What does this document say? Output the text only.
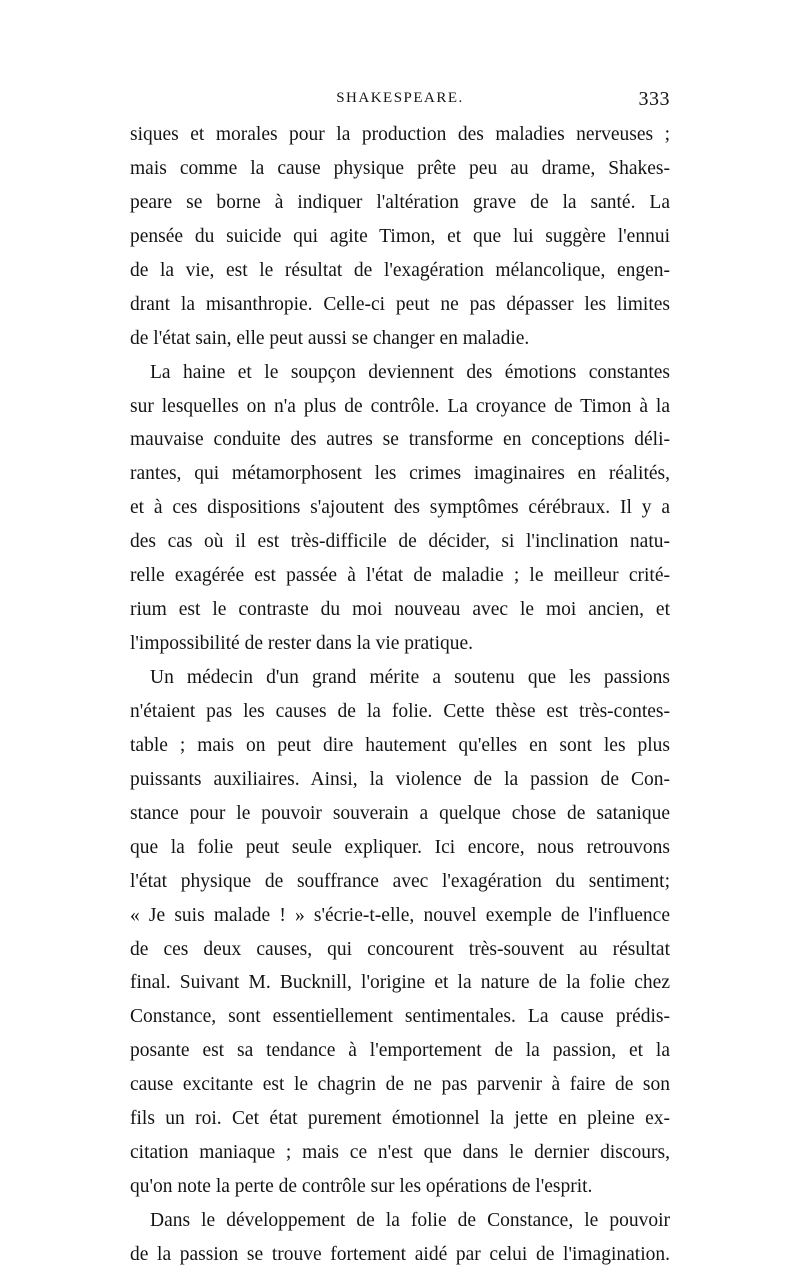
SHAKESPEARE.	333
siques et morales pour la production des maladies nerveuses ;
mais comme la cause physique prête peu au drame, Shakes-
peare se borne à indiquer l'altération grave de la santé. La
pensée du suicide qui agite Timon, et que lui suggère l'ennui
de la vie, est le résultat de l'exagération mélancolique, engen-
drant la misanthropie. Celle-ci peut ne pas dépasser les limites
de l'état sain, elle peut aussi se changer en maladie.
La haine et le soupçon deviennent des émotions constantes
sur lesquelles on n'a plus de contrôle. La croyance de Timon à la
mauvaise conduite des autres se transforme en conceptions déli-
rantes, qui métamorphosent les crimes imaginaires en réalités,
et à ces dispositions s'ajoutent des symptômes cérébraux. Il y a
des cas où il est très-difficile de décider, si l'inclination natu-
relle exagérée est passée à l'état de maladie ; le meilleur crité-
rium est le contraste du moi nouveau avec le moi ancien, et
l'impossibilité de rester dans la vie pratique.
Un médecin d'un grand mérite a soutenu que les passions
n'étaient pas les causes de la folie. Cette thèse est très-contes-
table ; mais on peut dire hautement qu'elles en sont les plus
puissants auxiliaires. Ainsi, la violence de la passion de Con-
stance pour le pouvoir souverain a quelque chose de satanique
que la folie peut seule expliquer. Ici encore, nous retrouvons
l'état physique de souffrance avec l'exagération du sentiment;
« Je suis malade ! » s'écrie-t-elle, nouvel exemple de l'influence
de ces deux causes, qui concourent très-souvent au résultat
final. Suivant M. Bucknill, l'origine et la nature de la folie chez
Constance, sont essentiellement sentimentales. La cause prédis-
posante est sa tendance à l'emportement de la passion, et la
cause excitante est le chagrin de ne pas parvenir à faire de son
fils un roi. Cet état purement émotionnel la jette en pleine ex-
citation maniaque ; mais ce n'est que dans le dernier discours,
qu'on note la perte de contrôle sur les opérations de l'esprit.
Dans le développement de la folie de Constance, le pouvoir
de la passion se trouve fortement aidé par celui de l'imagination.
